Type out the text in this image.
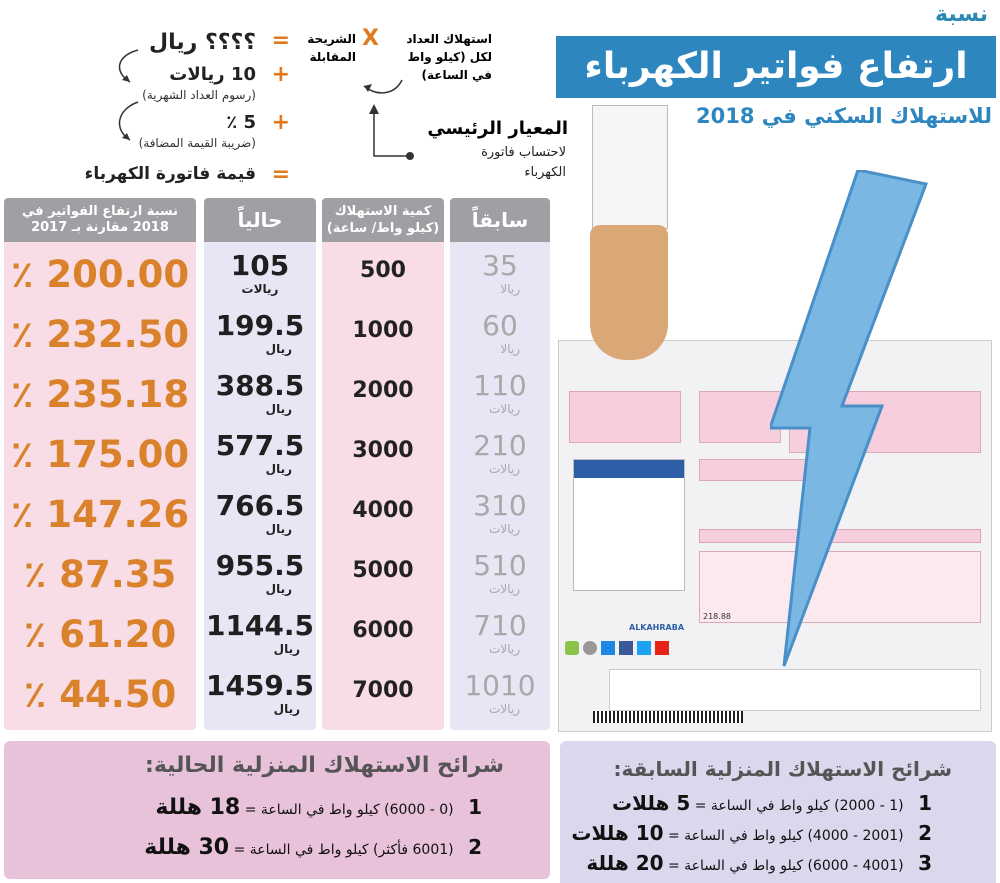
نسبة
ارتفاع فواتير الكهرباء
للاستهلاك السكني في 2018
=
؟؟؟؟ ريال
+
10 ريالات
(رسوم العداد الشهرية)
+
5 ٪
(ضريبة القيمة المضافة)
=
قيمة فاتورة الكهرباء
استهلاك العداد لكل (كيلو واط في الساعة)
X
الشريحة المقابلة
المعيار الرئيسي
لاحتساب فاتورة الكهرباء
نسبة ارتفاع الفواتير في 2018 مقارنة بـ 2017
٪ 200.00
٪ 232.50
٪ 235.18
٪ 175.00
٪ 147.26
٪ 87.35
٪ 61.20
٪ 44.50
حالياً
105
ريالات
199.5
ريال
388.5
ريال
577.5
ريال
766.5
ريال
955.5
ريال
1144.5
ريال
1459.5
ريال
كمية الاستهلاك (كيلو واط/ ساعة)
500
1000
2000
3000
4000
5000
6000
7000
سابقاً
35
ريالا
60
ريالا
110
ريالات
210
ريالات
310
ريالات
510
ريالات
710
ريالات
1010
ريالات
ALKAHRABA
218.88
شرائح الاستهلاك المنزلية الحالية:
1 (0 - 6000) كيلو واط في الساعة = 18 هللة
2 (6001 فأكثر) كيلو واط في الساعة = 30 هللة
شرائح الاستهلاك المنزلية السابقة:
1 (1 - 2000) كيلو واط في الساعة = 5 هللات
2 (2001 - 4000) كيلو واط في الساعة = 10 هللات
3 (4001 - 6000) كيلو واط في الساعة = 20 هللة
